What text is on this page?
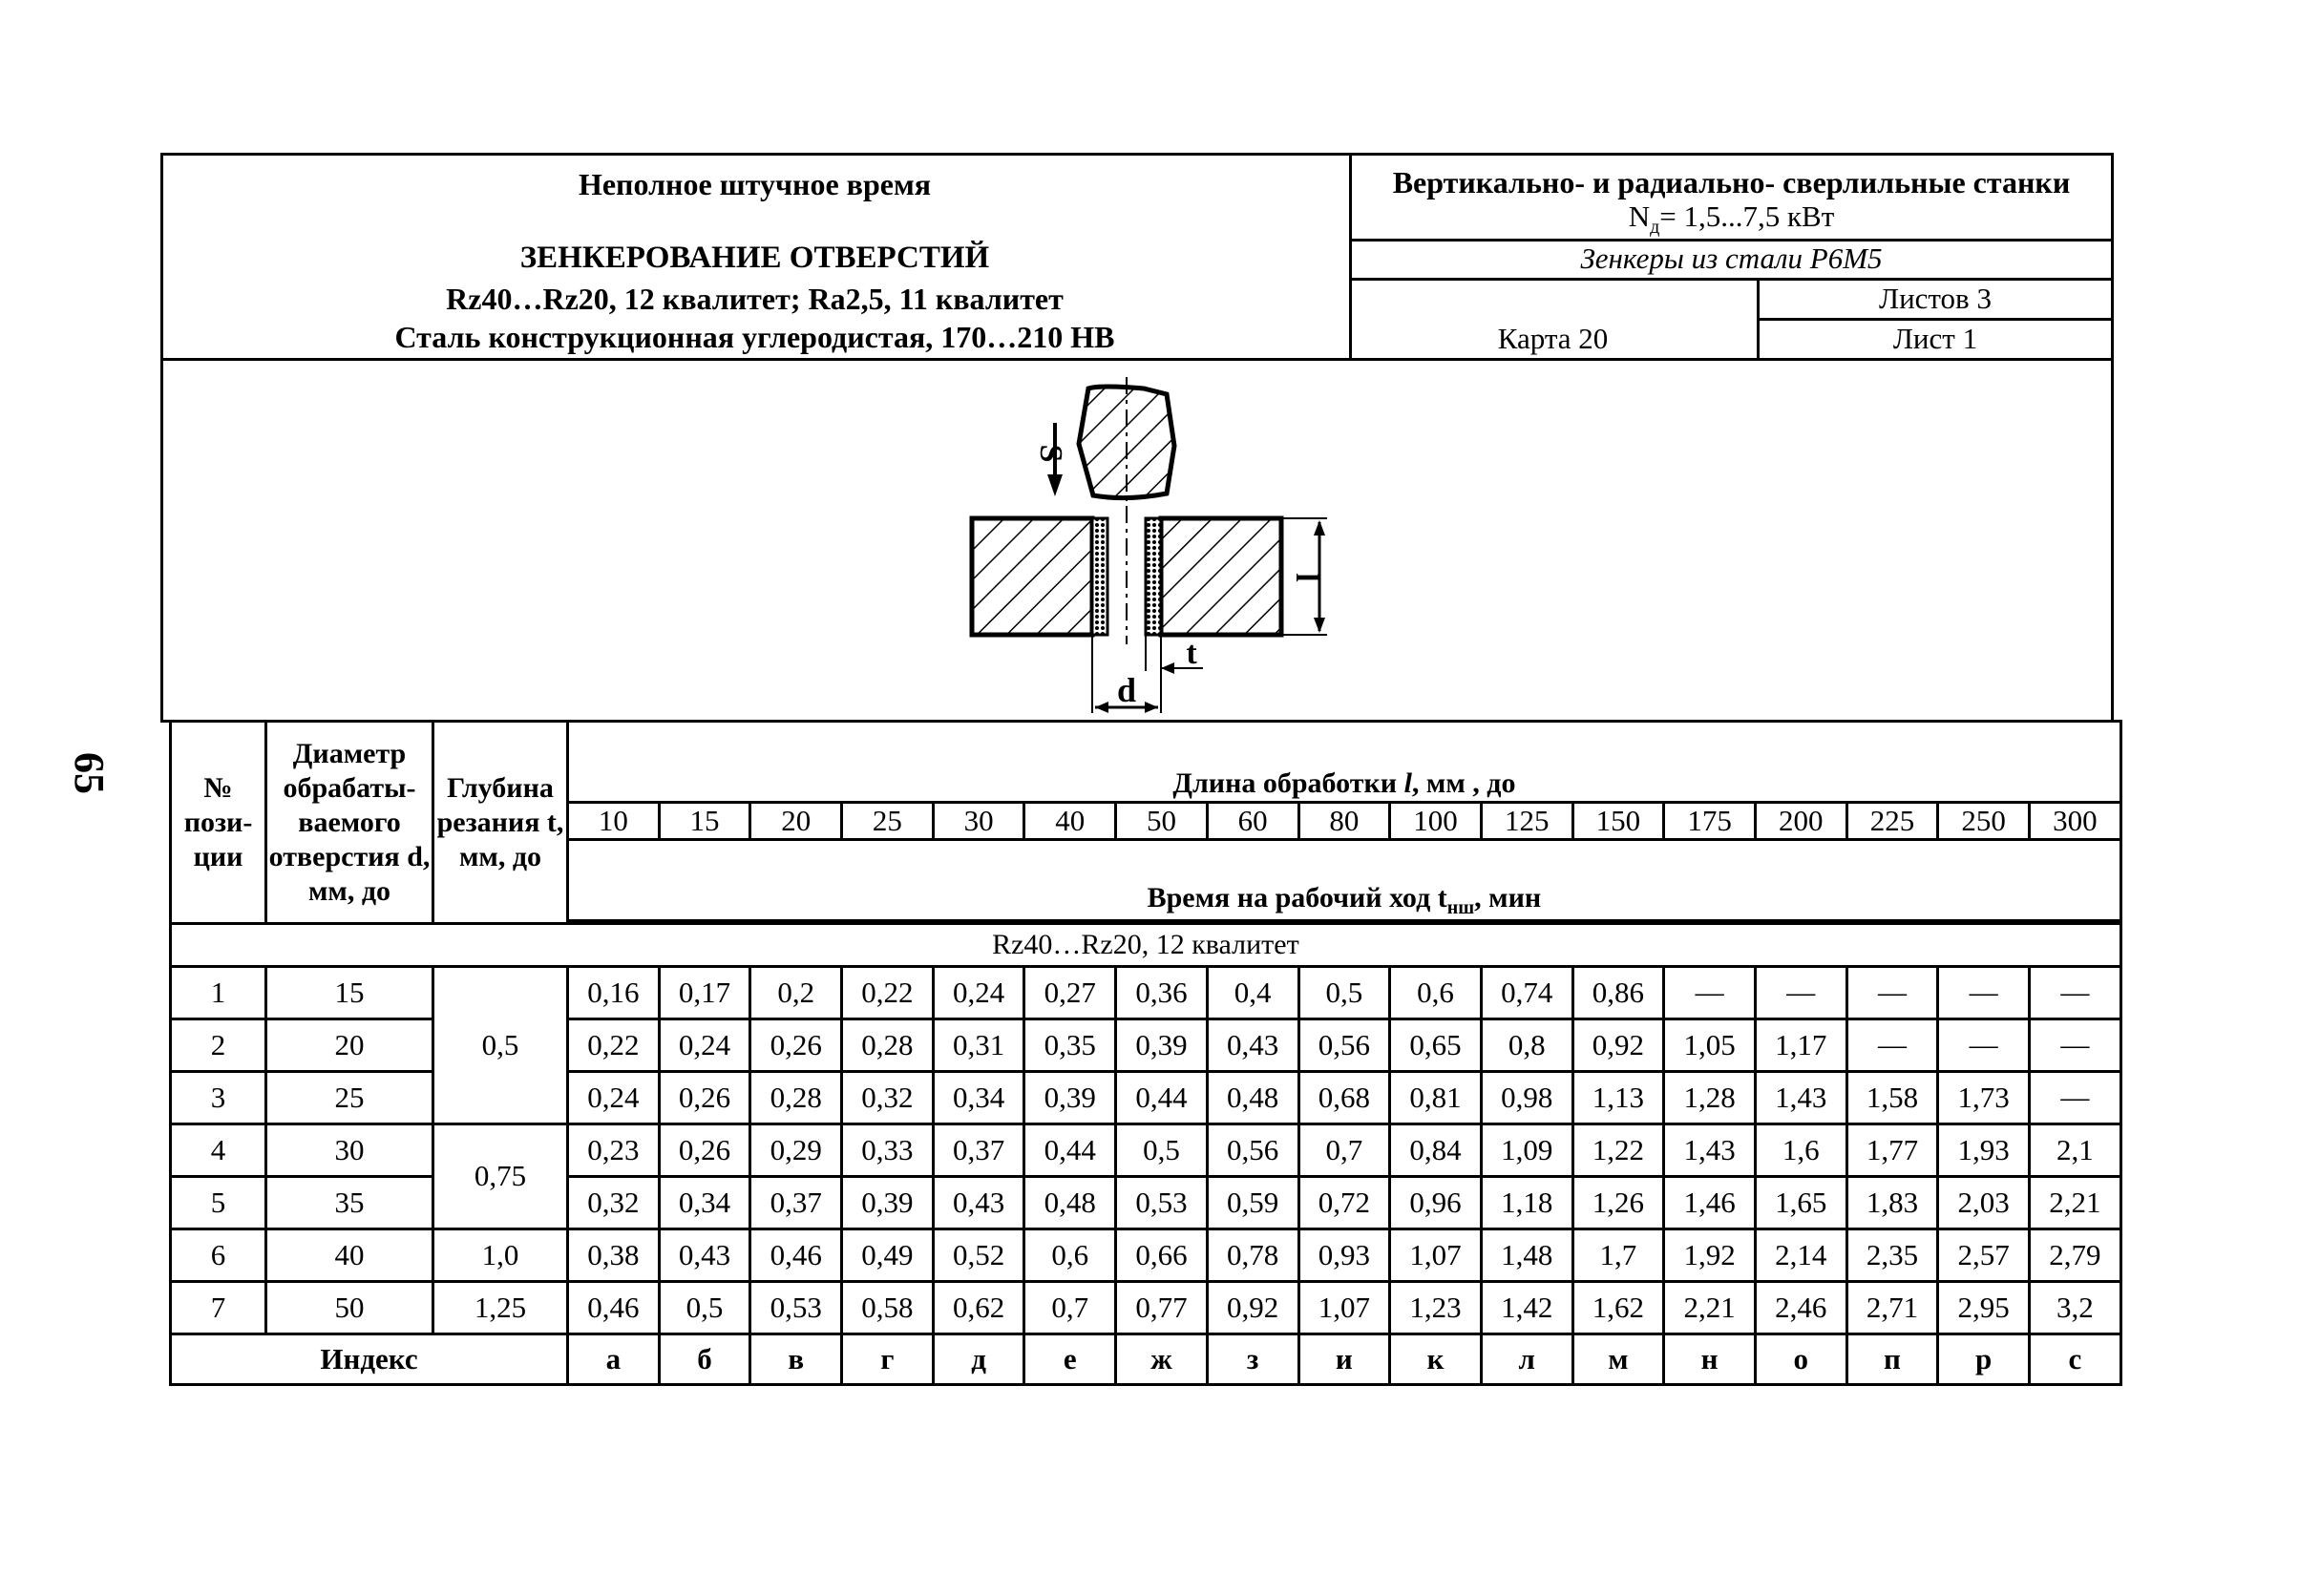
65
Неполное штучное время
ЗЕНКЕРОВАНИЕ ОТВЕРСТИЙ
Rz40…Rz20, 12 квалитет; Ra2,5, 11 квалитет
Сталь конструкционная углеродистая, 170…210 НВ
Вертикально- и радиально- сверлильные станки
$N_д= 1,5...7,5$ кВт
Зенкеры из стали Р6М5
Листов 3
Карта 20	Лист 1
S
l
t
d
№ пози-ции	Диаметр обрабаты-ваемого отверстия d, мм, до	Глубина резания t, мм, до	Длина обработки l, мм , до																
			10	15	20	25	30	40	50	60	80	100	125	150	175	200	225	250	300
			Время на рабочий ход $t_{нш}$, мин																

Rz40…Rz20, 12 квалитет																			
1	15	0,5	0,16	0,17	0,2	0,22	0,24	0,27	0,36	0,4	0,5	0,6	0,74	0,86	—	—	—	—	—
2	20		0,22	0,24	0,26	0,28	0,31	0,35	0,39	0,43	0,56	0,65	0,8	0,92	1,05	1,17	—	—	—
3	25		0,24	0,26	0,28	0,32	0,34	0,39	0,44	0,48	0,68	0,81	0,98	1,13	1,28	1,43	1,58	1,73	—
4	30	0,75	0,23	0,26	0,29	0,33	0,37	0,44	0,5	0,56	0,7	0,84	1,09	1,22	1,43	1,6	1,77	1,93	2,1
5	35		0,32	0,34	0,37	0,39	0,43	0,48	0,53	0,59	0,72	0,96	1,18	1,26	1,46	1,65	1,83	2,03	2,21
6	40	1,0	0,38	0,43	0,46	0,49	0,52	0,6	0,66	0,78	0,93	1,07	1,48	1,7	1,92	2,14	2,35	2,57	2,79
7	50	1,25	0,46	0,5	0,53	0,58	0,62	0,7	0,77	0,92	1,07	1,23	1,42	1,62	2,21	2,46	2,71	2,95	3,2
Индекс			а	б	в	г	д	е	ж	з	и	к	л	м	н	о	п	р	с
